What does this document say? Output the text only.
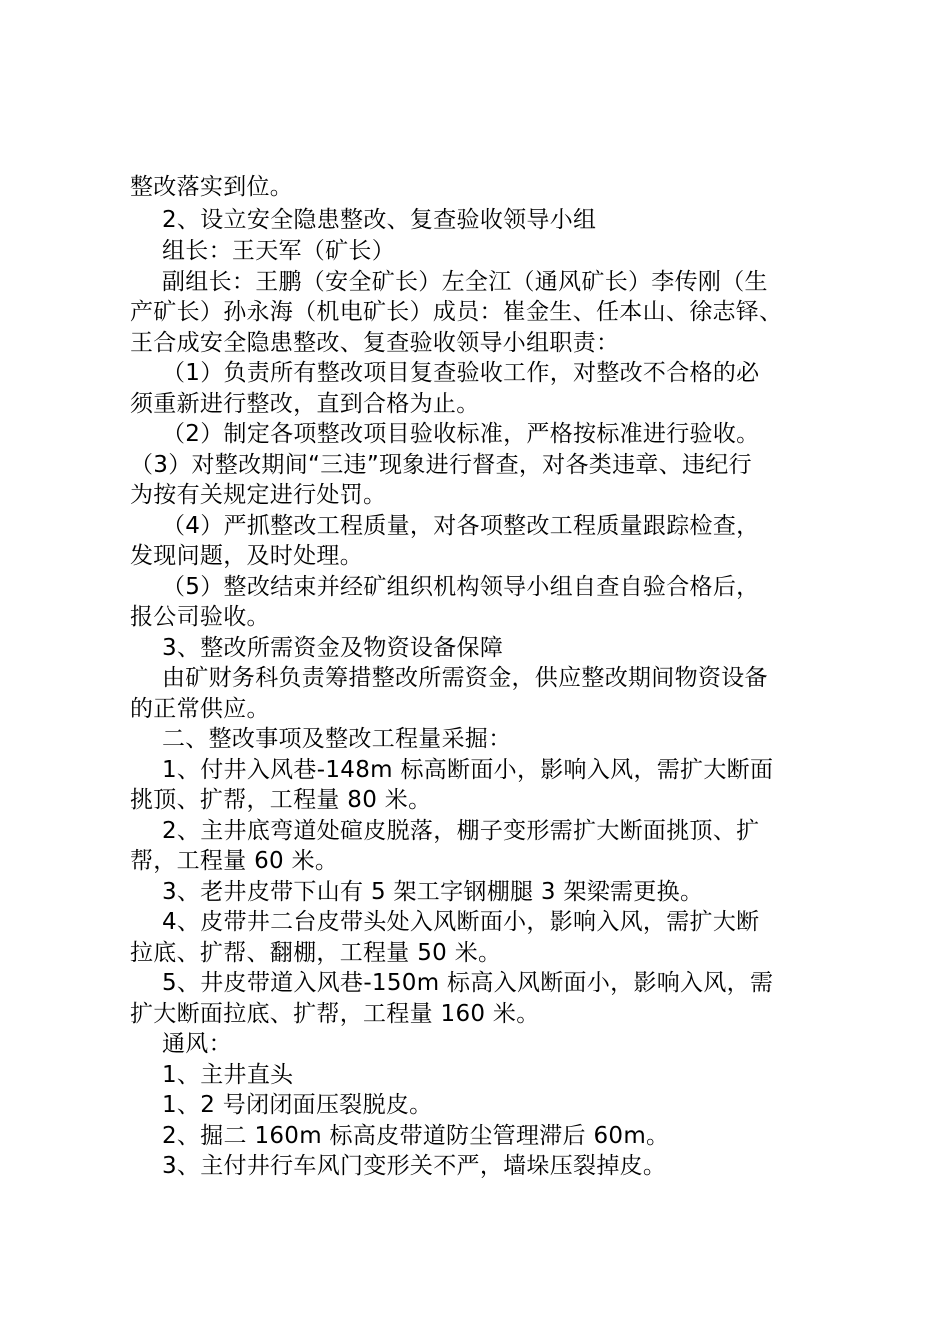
整改落实到位。
2、设立安全隐患整改、复查验收领导小组
组长：王天军（矿长）
副组长：王鹏（安全矿长）左全江（通风矿长）李传刚（生
产矿长）孙永海（机电矿长）成员：崔金生、任本山、徐志铎、
王合成安全隐患整改、复查验收领导小组职责：
（1）负责所有整改项目复查验收工作，对整改不合格的必
须重新进行整改，直到合格为止。
（2）制定各项整改项目验收标准，严格按标准进行验收。
（3）对整改期间“三违”现象进行督查，对各类违章、违纪行
为按有关规定进行处罚。
（4）严抓整改工程质量，对各项整改工程质量跟踪检查，
发现问题，及时处理。
（5）整改结束并经矿组织机构领导小组自查自验合格后，
报公司验收。
3、整改所需资金及物资设备保障
由矿财务科负责筹措整改所需资金，供应整改期间物资设备
的正常供应。
二、整改事项及整改工程量采掘：
1、付井入风巷-148m 标高断面小，影响入风，需扩大断面
挑顶、扩帮，工程量 80 米。
2、主井底弯道处碹皮脱落，棚子变形需扩大断面挑顶、扩
帮，工程量 60 米。
3、老井皮带下山有 5 架工字钢棚腿 3 架梁需更换。
4、皮带井二台皮带头处入风断面小，影响入风，需扩大断
拉底、扩帮、翻棚，工程量 50 米。
5、井皮带道入风巷-150m 标高入风断面小，影响入风，需
扩大断面拉底、扩帮，工程量 160 米。
通风：
1、主井直头
1、2 号闭闭面压裂脱皮。
2、掘二 160m 标高皮带道防尘管理滞后 60m。
3、主付井行车风门变形关不严，墙垛压裂掉皮。
